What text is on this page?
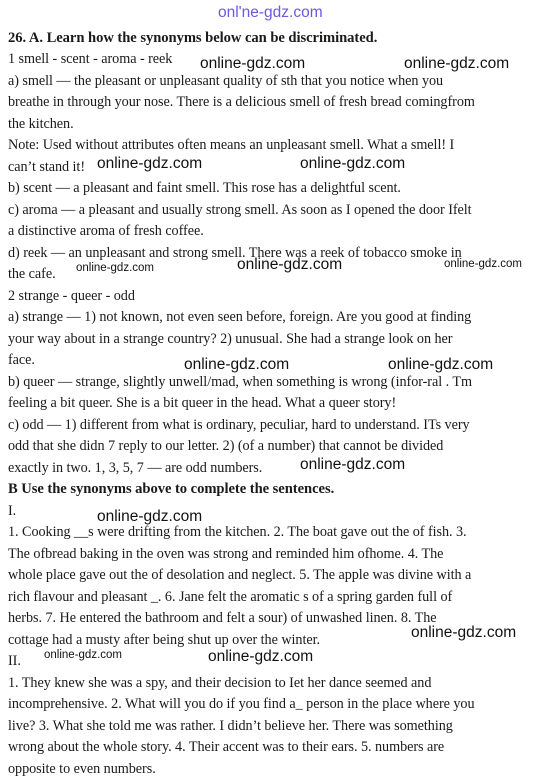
onl'ne-gdz.com
26. A. Learn how the synonyms below can be discriminated.
1 smell - scent - aroma - reek
a) smell — the pleasant or unpleasant quality of sth that you notice when you
breathe in through your nose. There is a delicious smell of fresh bread comingfrom
the kitchen.
Note: Used without attributes often means an unpleasant smell. What a smell! I
can’t stand it!
b) scent — a pleasant and faint smell. This rose has a delightful scent.
c) aroma — a pleasant and usually strong smell. As soon as I opened the door Ifelt
a distinctive aroma of fresh coffee.
d) reek — an unpleasant and strong smell. There was a reek of tobacco smoke in
the cafe.
2 strange - queer - odd
a) strange — 1) not known, not even seen before, foreign. Are you good at finding
your way about in a strange country? 2) unusual. She had a strange look on her
face.
b) queer — strange, slightly unwell/mad, when something is wrong (infor-ral . Tm
feeling a bit queer. She is a bit queer in the head. What a queer story!
c) odd — 1) different from what is ordinary, peculiar, hard to understand. ITs very
odd that she didn 7 reply to our letter. 2) (of a number) that cannot be divided
exactly in two. 1, 3, 5, 7 — are odd numbers.
B Use the synonyms above to complete the sentences.
I.
1. Cooking __s were drifting from the kitchen. 2. The boat gave out the of fish. 3.
The ofbread baking in the oven was strong and reminded him ofhome. 4. The
whole place gave out the of desolation and neglect. 5. The apple was divine with a
rich flavour and pleasant _. 6. Jane felt the aromatic s of a spring garden full of
herbs. 7. He entered the bathroom and felt a sour) of unwashed linen. 8. The
cottage had a musty after being shut up over the winter.
II.
1. They knew she was a spy, and their decision to Iet her dance seemed and
incomprehensive. 2. What will you do if you find a_ person in the place where you
live? 3. What she told me was rather. I didn’t believe her. There was something
wrong about the whole story. 4. Their accent was to their ears. 5. numbers are
opposite to even numbers.
online-gdz.com	online-gdz.com
online-gdz.com	online-gdz.com
online-gdz.com	online-gdz.com	online-gdz.com
online-gdz.com	online-gdz.com
online-gdz.com
online-gdz.com
online-gdz.com
online-gdz.com	online-gdz.com
